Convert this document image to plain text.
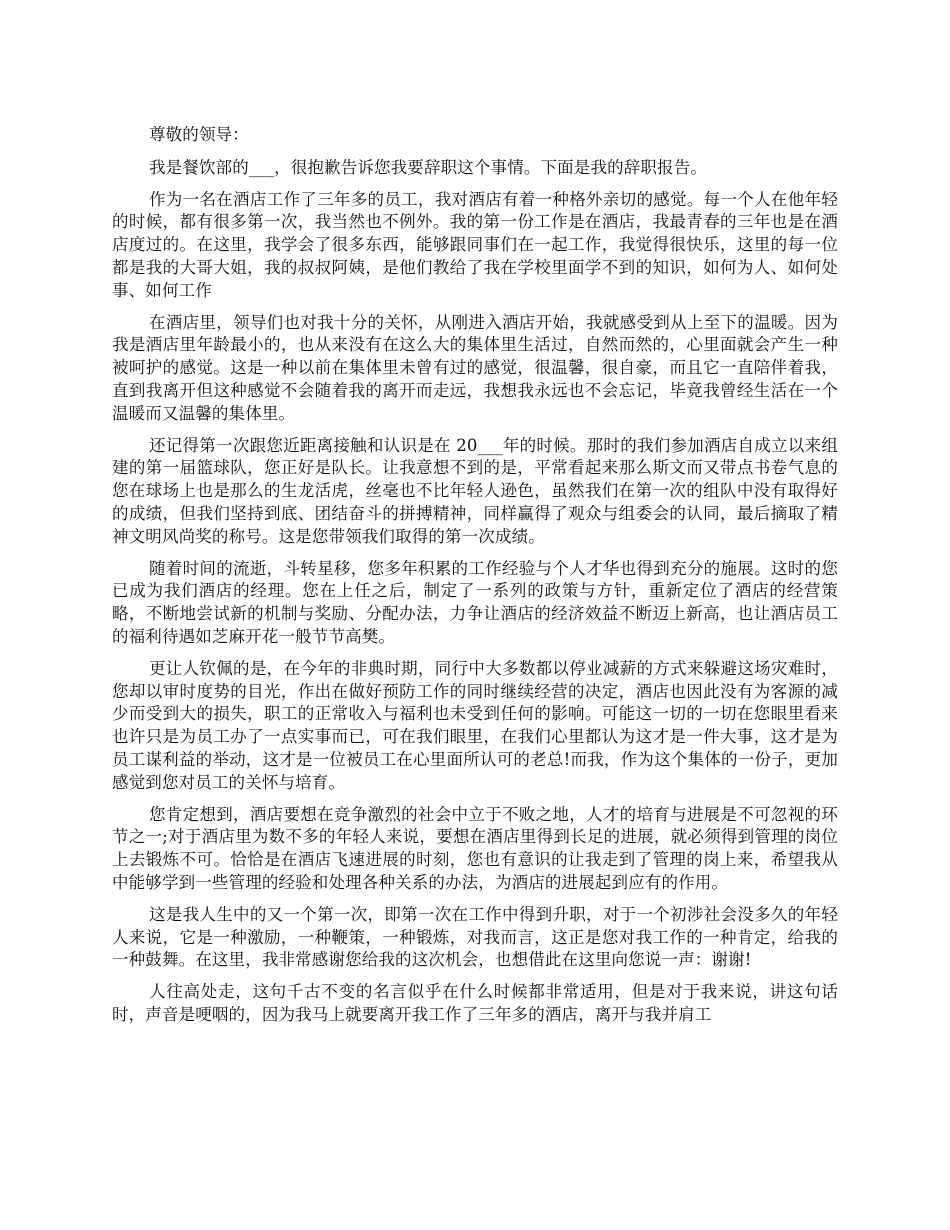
尊敬的领导：

我是餐饮部的___，很抱歉告诉您我要辞职这个事情。下面是我的辞职报告。

作为一名在酒店工作了三年多的员工，我对酒店有着一种格外亲切的感觉。每一个人在他年轻的时候，都有很多第一次，我当然也不例外。我的第一份工作是在酒店，我最青春的三年也是在酒店度过的。在这里，我学会了很多东西，能够跟同事们在一起工作，我觉得很快乐，这里的每一位都是我的大哥大姐，我的叔叔阿姨，是他们教给了我在学校里面学不到的知识，如何为人、如何处事、如何工作

在酒店里，领导们也对我十分的关怀，从刚进入酒店开始，我就感受到从上至下的温暖。因为我是酒店里年龄最小的，也从来没有在这么大的集体里生活过，自然而然的，心里面就会产生一种被呵护的感觉。这是一种以前在集体里未曾有过的感觉，很温馨，很自豪，而且它一直陪伴着我，直到我离开但这种感觉不会随着我的离开而走远，我想我永远也不会忘记，毕竟我曾经生活在一个温暖而又温馨的集体里。

还记得第一次跟您近距离接触和认识是在 20___年的时候。那时的我们参加酒店自成立以来组建的第一届篮球队，您正好是队长。让我意想不到的是，平常看起来那么斯文而又带点书卷气息的您在球场上也是那么的生龙活虎，丝毫也不比年轻人逊色，虽然我们在第一次的组队中没有取得好的成绩，但我们坚持到底、团结奋斗的拼搏精神，同样赢得了观众与组委会的认同，最后摘取了精神文明风尚奖的称号。这是您带领我们取得的第一次成绩。

随着时间的流逝，斗转星移，您多年积累的工作经验与个人才华也得到充分的施展。这时的您已成为我们酒店的经理。您在上任之后，制定了一系列的政策与方针，重新定位了酒店的经营策略，不断地尝试新的机制与奖励、分配办法，力争让酒店的经济效益不断迈上新高，也让酒店员工的福利待遇如芝麻开花一般节节高樊。

更让人钦佩的是，在今年的非典时期，同行中大多数都以停业减薪的方式来躲避这场灾难时，您却以审时度势的目光，作出在做好预防工作的同时继续经营的决定，酒店也因此没有为客源的减少而受到大的损失，职工的正常收入与福利也未受到任何的影响。可能这一切的一切在您眼里看来也许只是为员工办了一点实事而已，可在我们眼里，在我们心里都认为这才是一件大事，这才是为员工谋利益的举动，这才是一位被员工在心里面所认可的老总!而我，作为这个集体的一份子，更加感觉到您对员工的关怀与培育。

您肯定想到，酒店要想在竞争激烈的社会中立于不败之地，人才的培育与进展是不可忽视的环节之一;对于酒店里为数不多的年轻人来说，要想在酒店里得到长足的进展，就必须得到管理的岗位上去锻炼不可。恰恰是在酒店飞速进展的时刻，您也有意识的让我走到了管理的岗上来，希望我从中能够学到一些管理的经验和处理各种关系的办法，为酒店的进展起到应有的作用。

这是我人生中的又一个第一次，即第一次在工作中得到升职，对于一个初涉社会没多久的年轻人来说，它是一种激励，一种鞭策，一种锻炼，对我而言，这正是您对我工作的一种肯定，给我的一种鼓舞。在这里，我非常感谢您给我的这次机会，也想借此在这里向您说一声：谢谢!

人往高处走，这句千古不变的名言似乎在什么时候都非常适用，但是对于我来说，讲这句话时，声音是哽咽的，因为我马上就要离开我工作了三年多的酒店，离开与我并肩工
